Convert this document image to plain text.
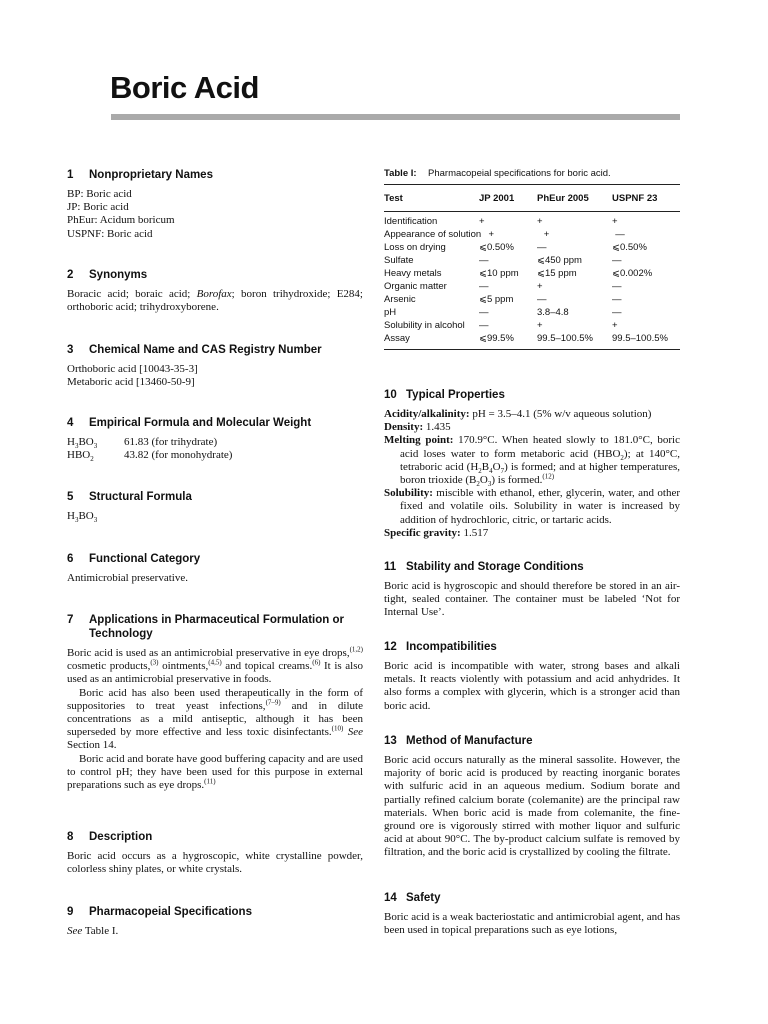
Boric Acid
1	Nonproprietary Names
BP: Boric acid
JP: Boric acid
PhEur: Acidum boricum
USPNF: Boric acid
2	Synonyms

Boracic acid; boraic acid; Borofax; boron trihydroxide; E284; orthoboric acid; trihydroxyborene.

3	Chemical Name and CAS Registry Number
Orthoboric acid [10043-35-3]
Metaboric acid [13460-50-9]
4	Empirical Formula and Molecular Weight
$H_3BO_3$	61.83 (for trihydrate)
$HBO_2$	43.82 (for monohydrate)
5	Structural Formula

$H_3BO_3$

6	Functional Category

Antimicrobial preservative.

7	Applications in Pharmaceutical Formulation or Technology

Boric acid is used as an antimicrobial preservative in eye drops,$^{(1,2)}$ cosmetic products,$^{(3)}$ ointments,$^{(4,5)}$ and topical creams.$^{(6)}$ It is also used as an antimicrobial preservative in foods.

Boric acid has also been used therapeutically in the form of suppositories to treat yeast infections,$^{(7-9)}$ and in dilute concentrations as a mild antiseptic, although it has been superseded by more effective and less toxic disinfectants.$^{(10)}$ See Section 14.

Boric acid and borate have good buffering capacity and are used to control pH; they have been used for this purpose in external preparations such as eye drops.$^{(11)}$

8	Description

Boric acid occurs as a hygroscopic, white crystalline powder, colorless shiny plates, or white crystals.

9	Pharmacopeial Specifications

See Table I.

Table I: Pharmacopeial specifications for boric acid.
Test	JP 2001	PhEur 2005	USPNF 23
Identification	+	+	+
Appearance of solution +	+	—
Loss on drying	⩽0.50%	—	⩽0.50%
Sulfate	—	⩽450 ppm	—
Heavy metals	⩽10 ppm	⩽15 ppm	⩽0.002%
Organic matter	—	+	—
Arsenic	⩽5 ppm	—	—
pH	—	3.8–4.8	—
Solubility in alcohol	—	+	+
Assay	⩽99.5%	99.5–100.5%	99.5–100.5%
10 Typical Properties

Acidity/alkalinity: pH = 3.5–4.1 (5% w/v aqueous solution)

Density: 1.435

Melting point: 170.9°C. When heated slowly to 181.0°C, boric acid loses water to form metaboric acid $(HBO_2)$; at 140°C, tetraboric acid $(H_2B_4O_7)$ is formed; and at higher temperatures, boron trioxide $(B_2O_3)$ is formed.$^{(12)}$

Solubility: miscible with ethanol, ether, glycerin, water, and other fixed and volatile oils. Solubility in water is increased by addition of hydrochloric, citric, or tartaric acids.

Specific gravity: 1.517

11 Stability and Storage Conditions

Boric acid is hygroscopic and should therefore be stored in an air-tight, sealed container. The container must be labeled ‘Not for Internal Use’.

12 Incompatibilities

Boric acid is incompatible with water, strong bases and alkali metals. It reacts violently with potassium and acid anhydrides. It also forms a complex with glycerin, which is a stronger acid than boric acid.

13 Method of Manufacture

Boric acid occurs naturally as the mineral sassolite. However, the majority of boric acid is produced by reacting inorganic borates with sulfuric acid in an aqueous medium. Sodium borate and partially refined calcium borate (colemanite) are the principal raw materials. When boric acid is made from colemanite, the fine-ground ore is vigorously stirred with mother liquor and sulfuric acid at about 90°C. The by-product calcium sulfate is removed by filtration, and the boric acid is crystallized by cooling the filtrate.

14 Safety

Boric acid is a weak bacteriostatic and antimicrobial agent, and has been used in topical preparations such as eye lotions,
